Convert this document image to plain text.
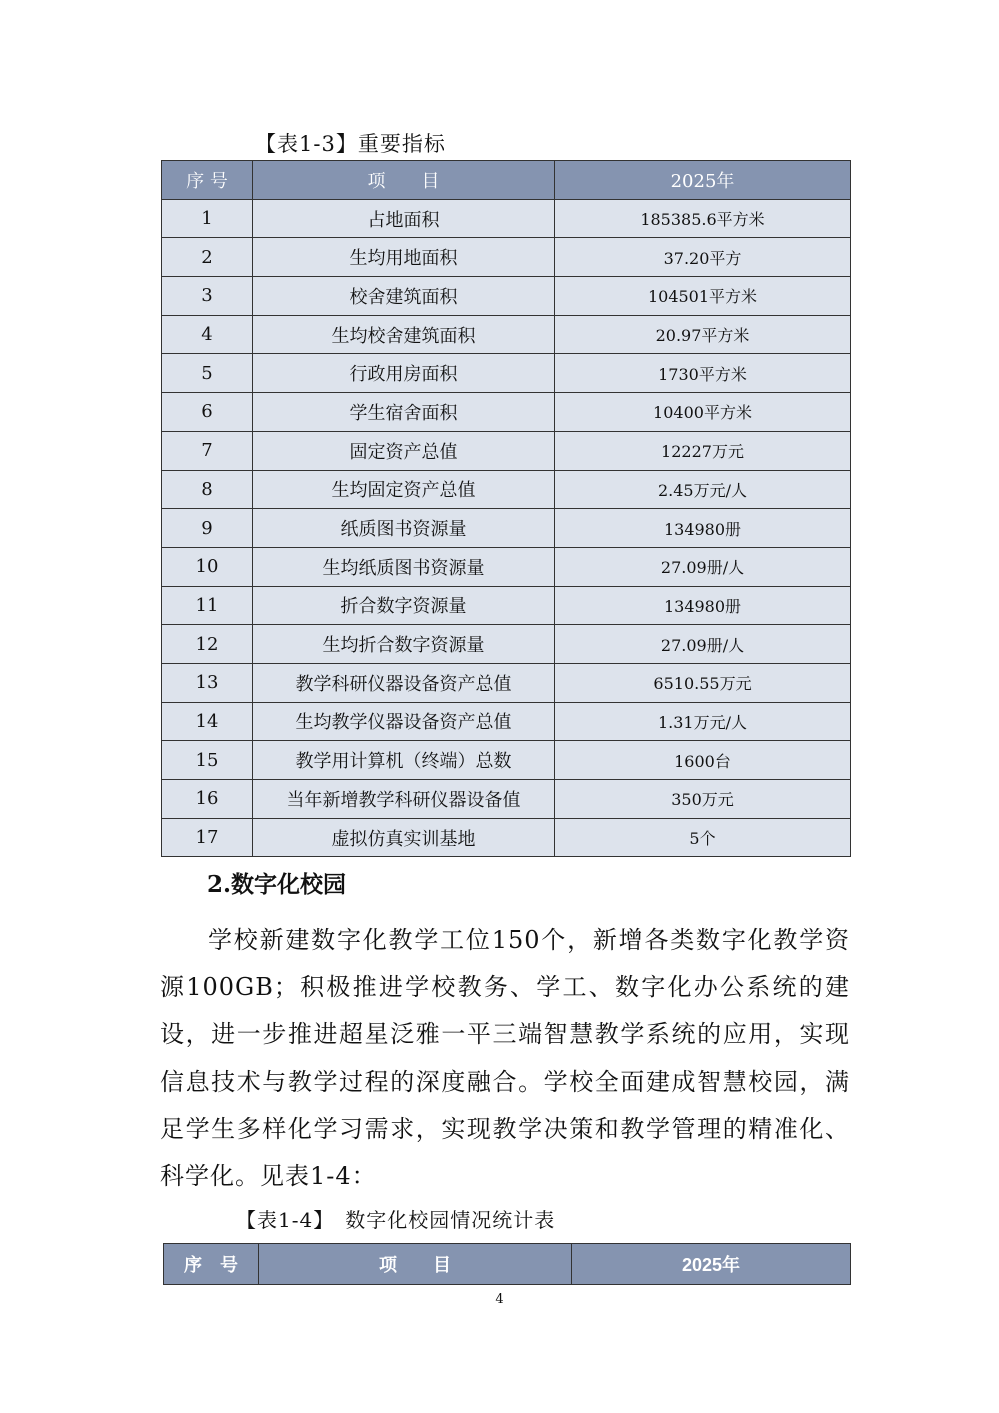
【表1-3】重要指标
序 号	项　　目	2025年
1	占地面积	185385.6平方米
2	生均用地面积	37.20平方
3	校舍建筑面积	104501平方米
4	生均校舍建筑面积	20.97平方米
5	行政用房面积	1730平方米
6	学生宿舍面积	10400平方米
7	固定资产总值	12227万元
8	生均固定资产总值	2.45万元/人
9	纸质图书资源量	134980册
10	生均纸质图书资源量	27.09册/人
11	折合数字资源量	134980册
12	生均折合数字资源量	27.09册/人
13	教学科研仪器设备资产总值	6510.55万元
14	生均教学仪器设备资产总值	1.31万元/人
15	教学用计算机（终端）总数	1600台
16	当年新增教学科研仪器设备值	350万元
17	虚拟仿真实训基地	5个
2.数字化校园

学校新建数字化教学工位150个，新增各类数字化教学资源100GB；积极推进学校教务、学工、数字化办公系统的建设，进一步推进超星泛雅一平三端智慧教学系统的应用，实现信息技术与教学过程的深度融合。学校全面建成智慧校园，满足学生多样化学习需求，实现教学决策和教学管理的精准化、科学化。见表1-4：

【表1-4】　数字化校园情况统计表
序　号	项　　目	2025年
4
